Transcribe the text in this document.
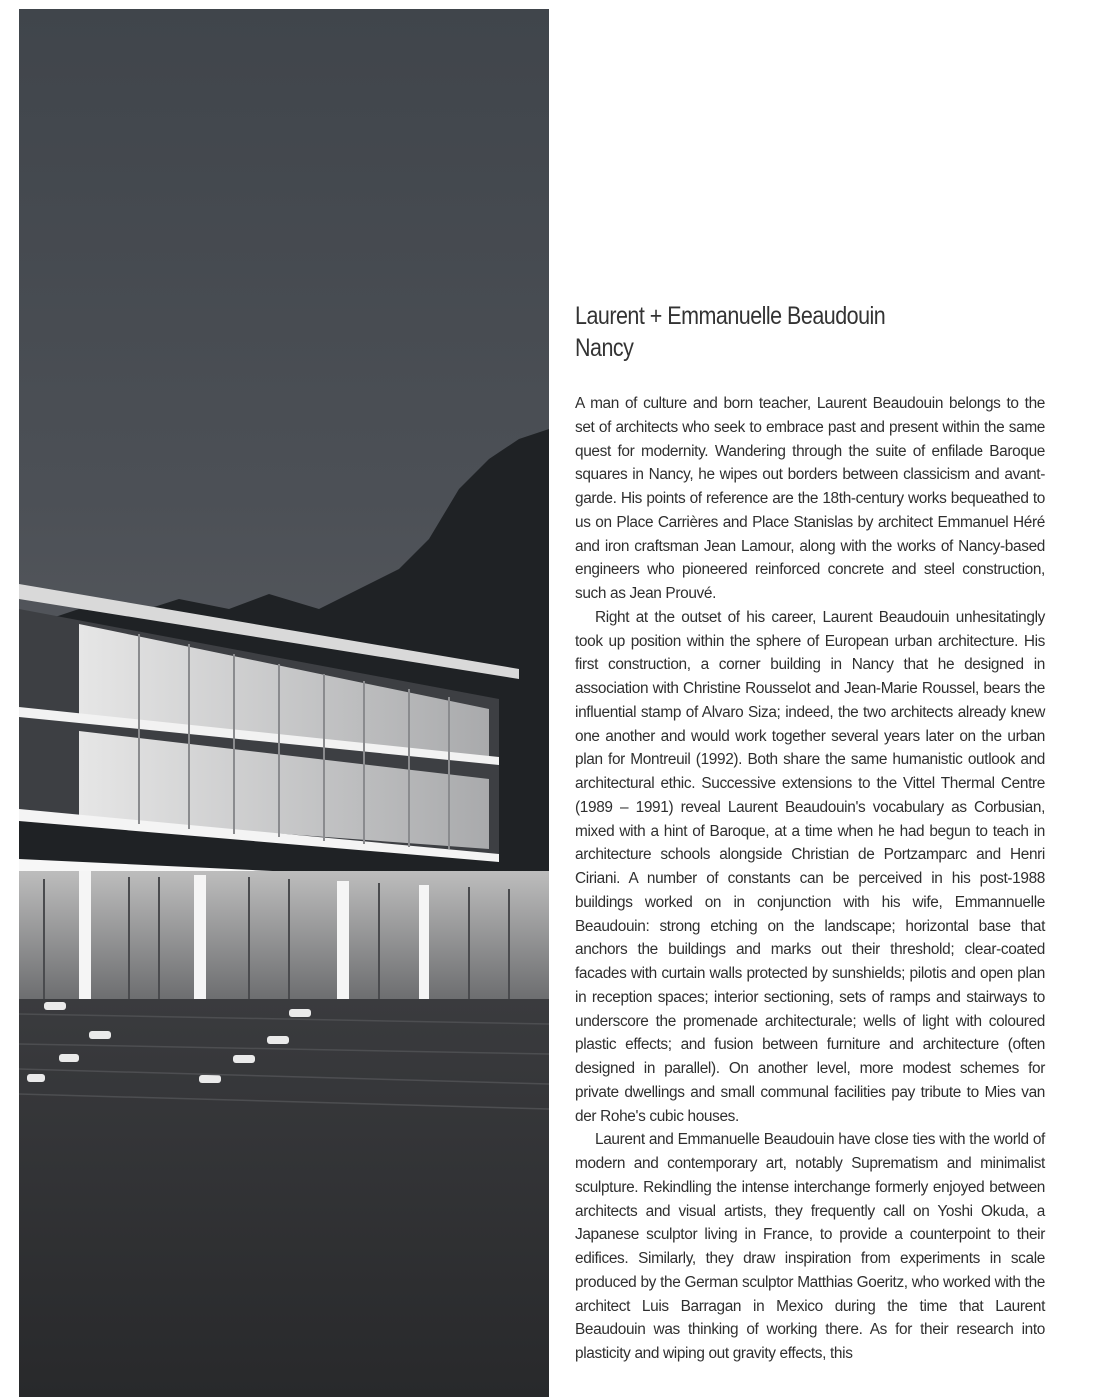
Laurent + Emmanuelle Beaudouin
Nancy

A man of culture and born teacher, Laurent Beaudouin belongs to the set of architects who seek to embrace past and present within the same quest for modernity. Wandering through the suite of enfilade Baroque squares in Nancy, he wipes out borders between classicism and avant-garde. His points of reference are the 18th-century works bequeathed to us on Place Carrières and Place Stanislas by architect Emmanuel Héré and iron craftsman Jean Lamour, along with the works of Nancy-based engineers who pioneered reinforced concrete and steel construction, such as Jean Prouvé.

Right at the outset of his career, Laurent Beaudouin unhesitatingly took up position within the sphere of European urban architecture. His first construction, a corner building in Nancy that he designed in association with Christine Rousselot and Jean-Marie Roussel, bears the influential stamp of Alvaro Siza; indeed, the two architects already knew one another and would work together several years later on the urban plan for Montreuil (1992). Both share the same humanistic outlook and architectural ethic. Successive extensions to the Vittel Thermal Centre (1989 – 1991) reveal Laurent Beaudouin's vocabulary as Corbusian, mixed with a hint of Baroque, at a time when he had begun to teach in architecture schools alongside Christian de Portzamparc and Henri Ciriani. A number of constants can be perceived in his post-1988 buildings worked on in conjunction with his wife, Emmannuelle Beaudouin: strong etching on the landscape; horizontal base that anchors the buildings and marks out their threshold; clear-coated facades with curtain walls protected by sunshields; pilotis and open plan in reception spaces; interior sectioning, sets of ramps and stairways to underscore the promenade architecturale; wells of light with coloured plastic effects; and fusion between furniture and architecture (often designed in parallel). On another level, more modest schemes for private dwellings and small communal facilities pay tribute to Mies van der Rohe's cubic houses.

Laurent and Emmanuelle Beaudouin have close ties with the world of modern and contemporary art, notably Suprematism and minimalist sculpture. Rekindling the intense interchange formerly enjoyed between architects and visual artists, they frequently call on Yoshi Okuda, a Japanese sculptor living in France, to provide a counterpoint to their edifices. Similarly, they draw inspiration from experiments in scale produced by the German sculptor Matthias Goeritz, who worked with the architect Luis Barragan in Mexico during the time that Laurent Beaudouin was thinking of working there. As for their research into plasticity and wiping out gravity effects, this
